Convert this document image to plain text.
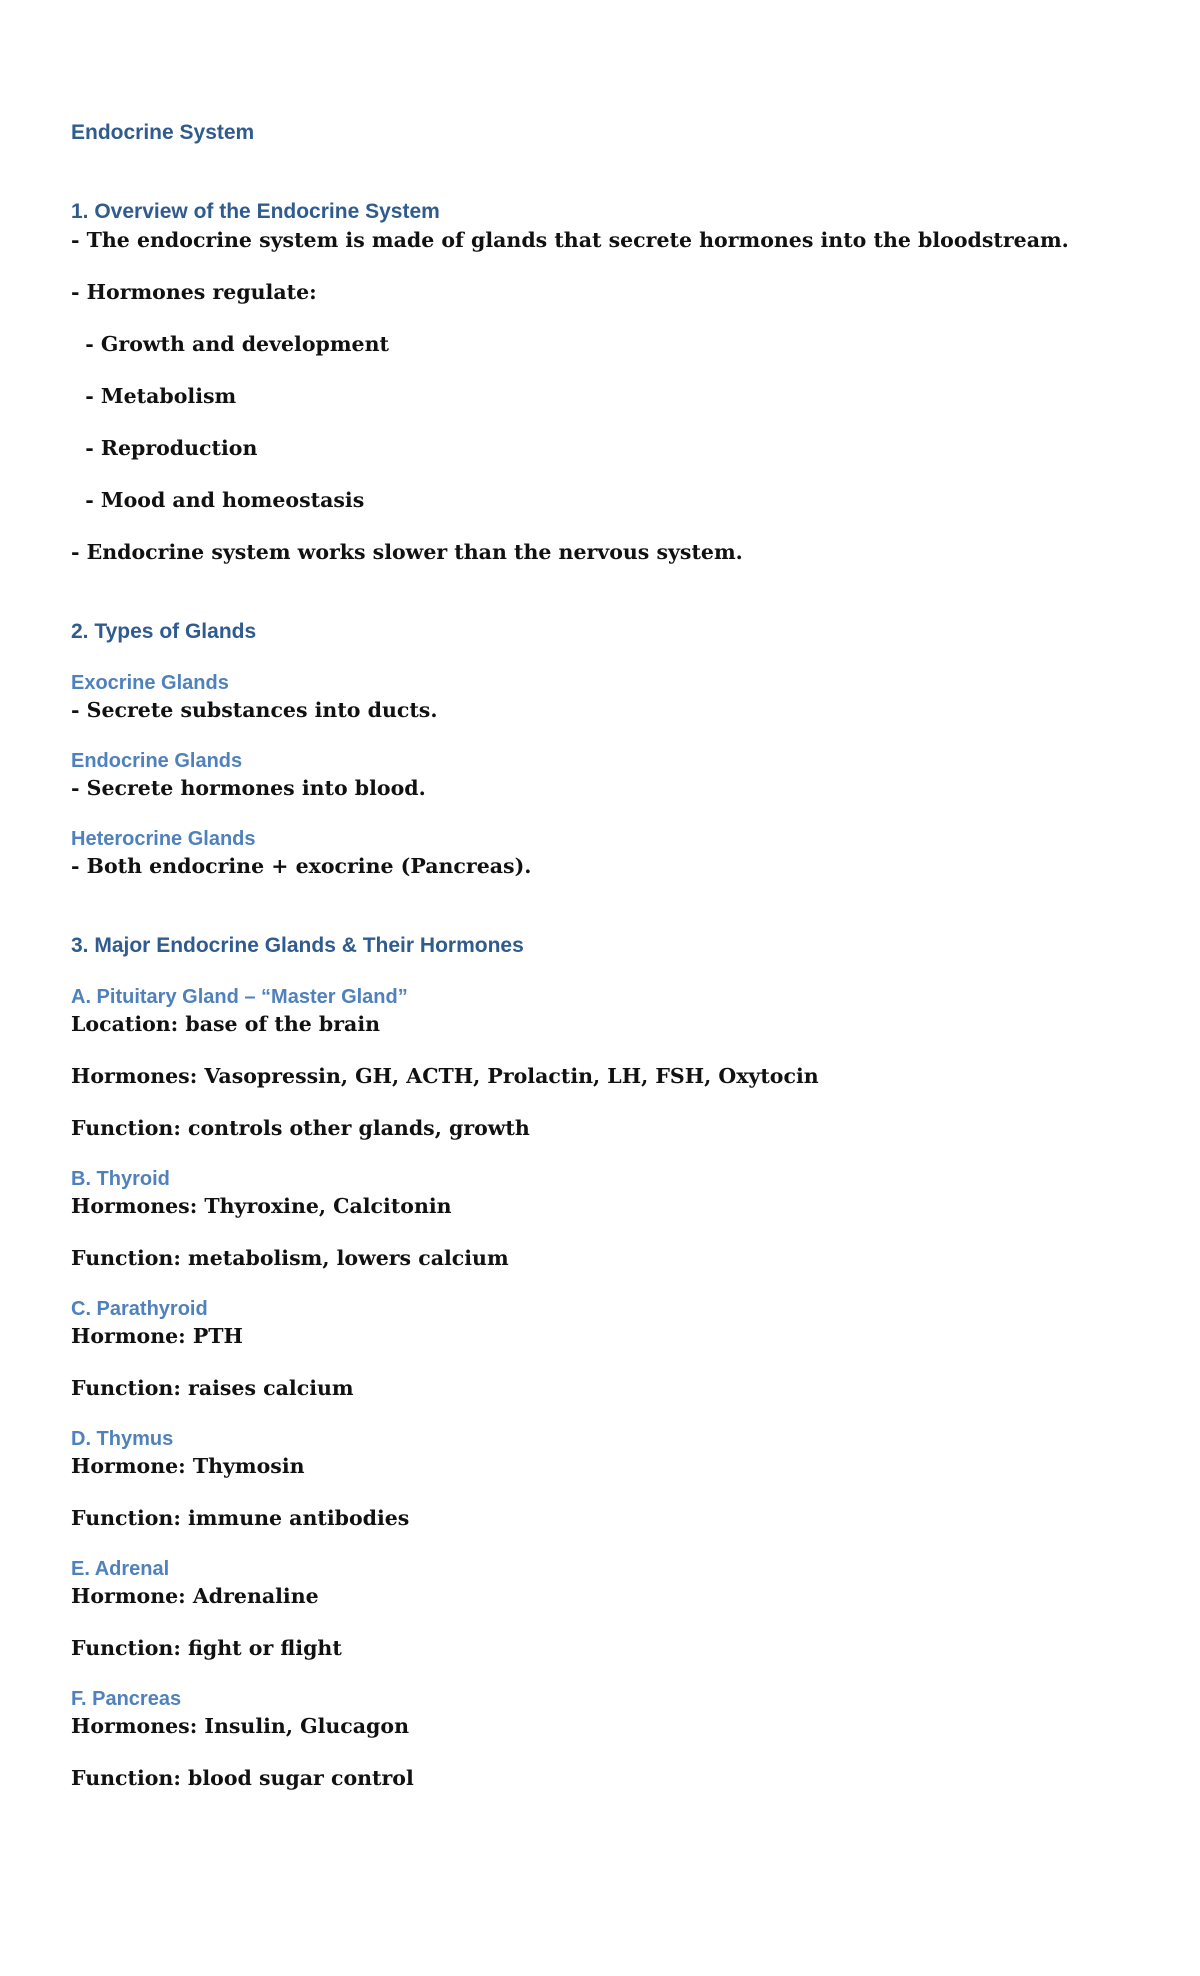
Endocrine System
1. Overview of the Endocrine System
- The endocrine system is made of glands that secrete hormones into the bloodstream.
- Hormones regulate:
- Growth and development
- Metabolism
- Reproduction
- Mood and homeostasis
- Endocrine system works slower than the nervous system.
2. Types of Glands
Exocrine Glands
- Secrete substances into ducts.
Endocrine Glands
- Secrete hormones into blood.
Heterocrine Glands
- Both endocrine + exocrine (Pancreas).
3. Major Endocrine Glands & Their Hormones
A. Pituitary Gland – “Master Gland”
Location: base of the brain
Hormones: Vasopressin, GH, ACTH, Prolactin, LH, FSH, Oxytocin
Function: controls other glands, growth
B. Thyroid
Hormones: Thyroxine, Calcitonin
Function: metabolism, lowers calcium
C. Parathyroid
Hormone: PTH
Function: raises calcium
D. Thymus
Hormone: Thymosin
Function: immune antibodies
E. Adrenal
Hormone: Adrenaline
Function: fight or flight
F. Pancreas
Hormones: Insulin, Glucagon
Function: blood sugar control
